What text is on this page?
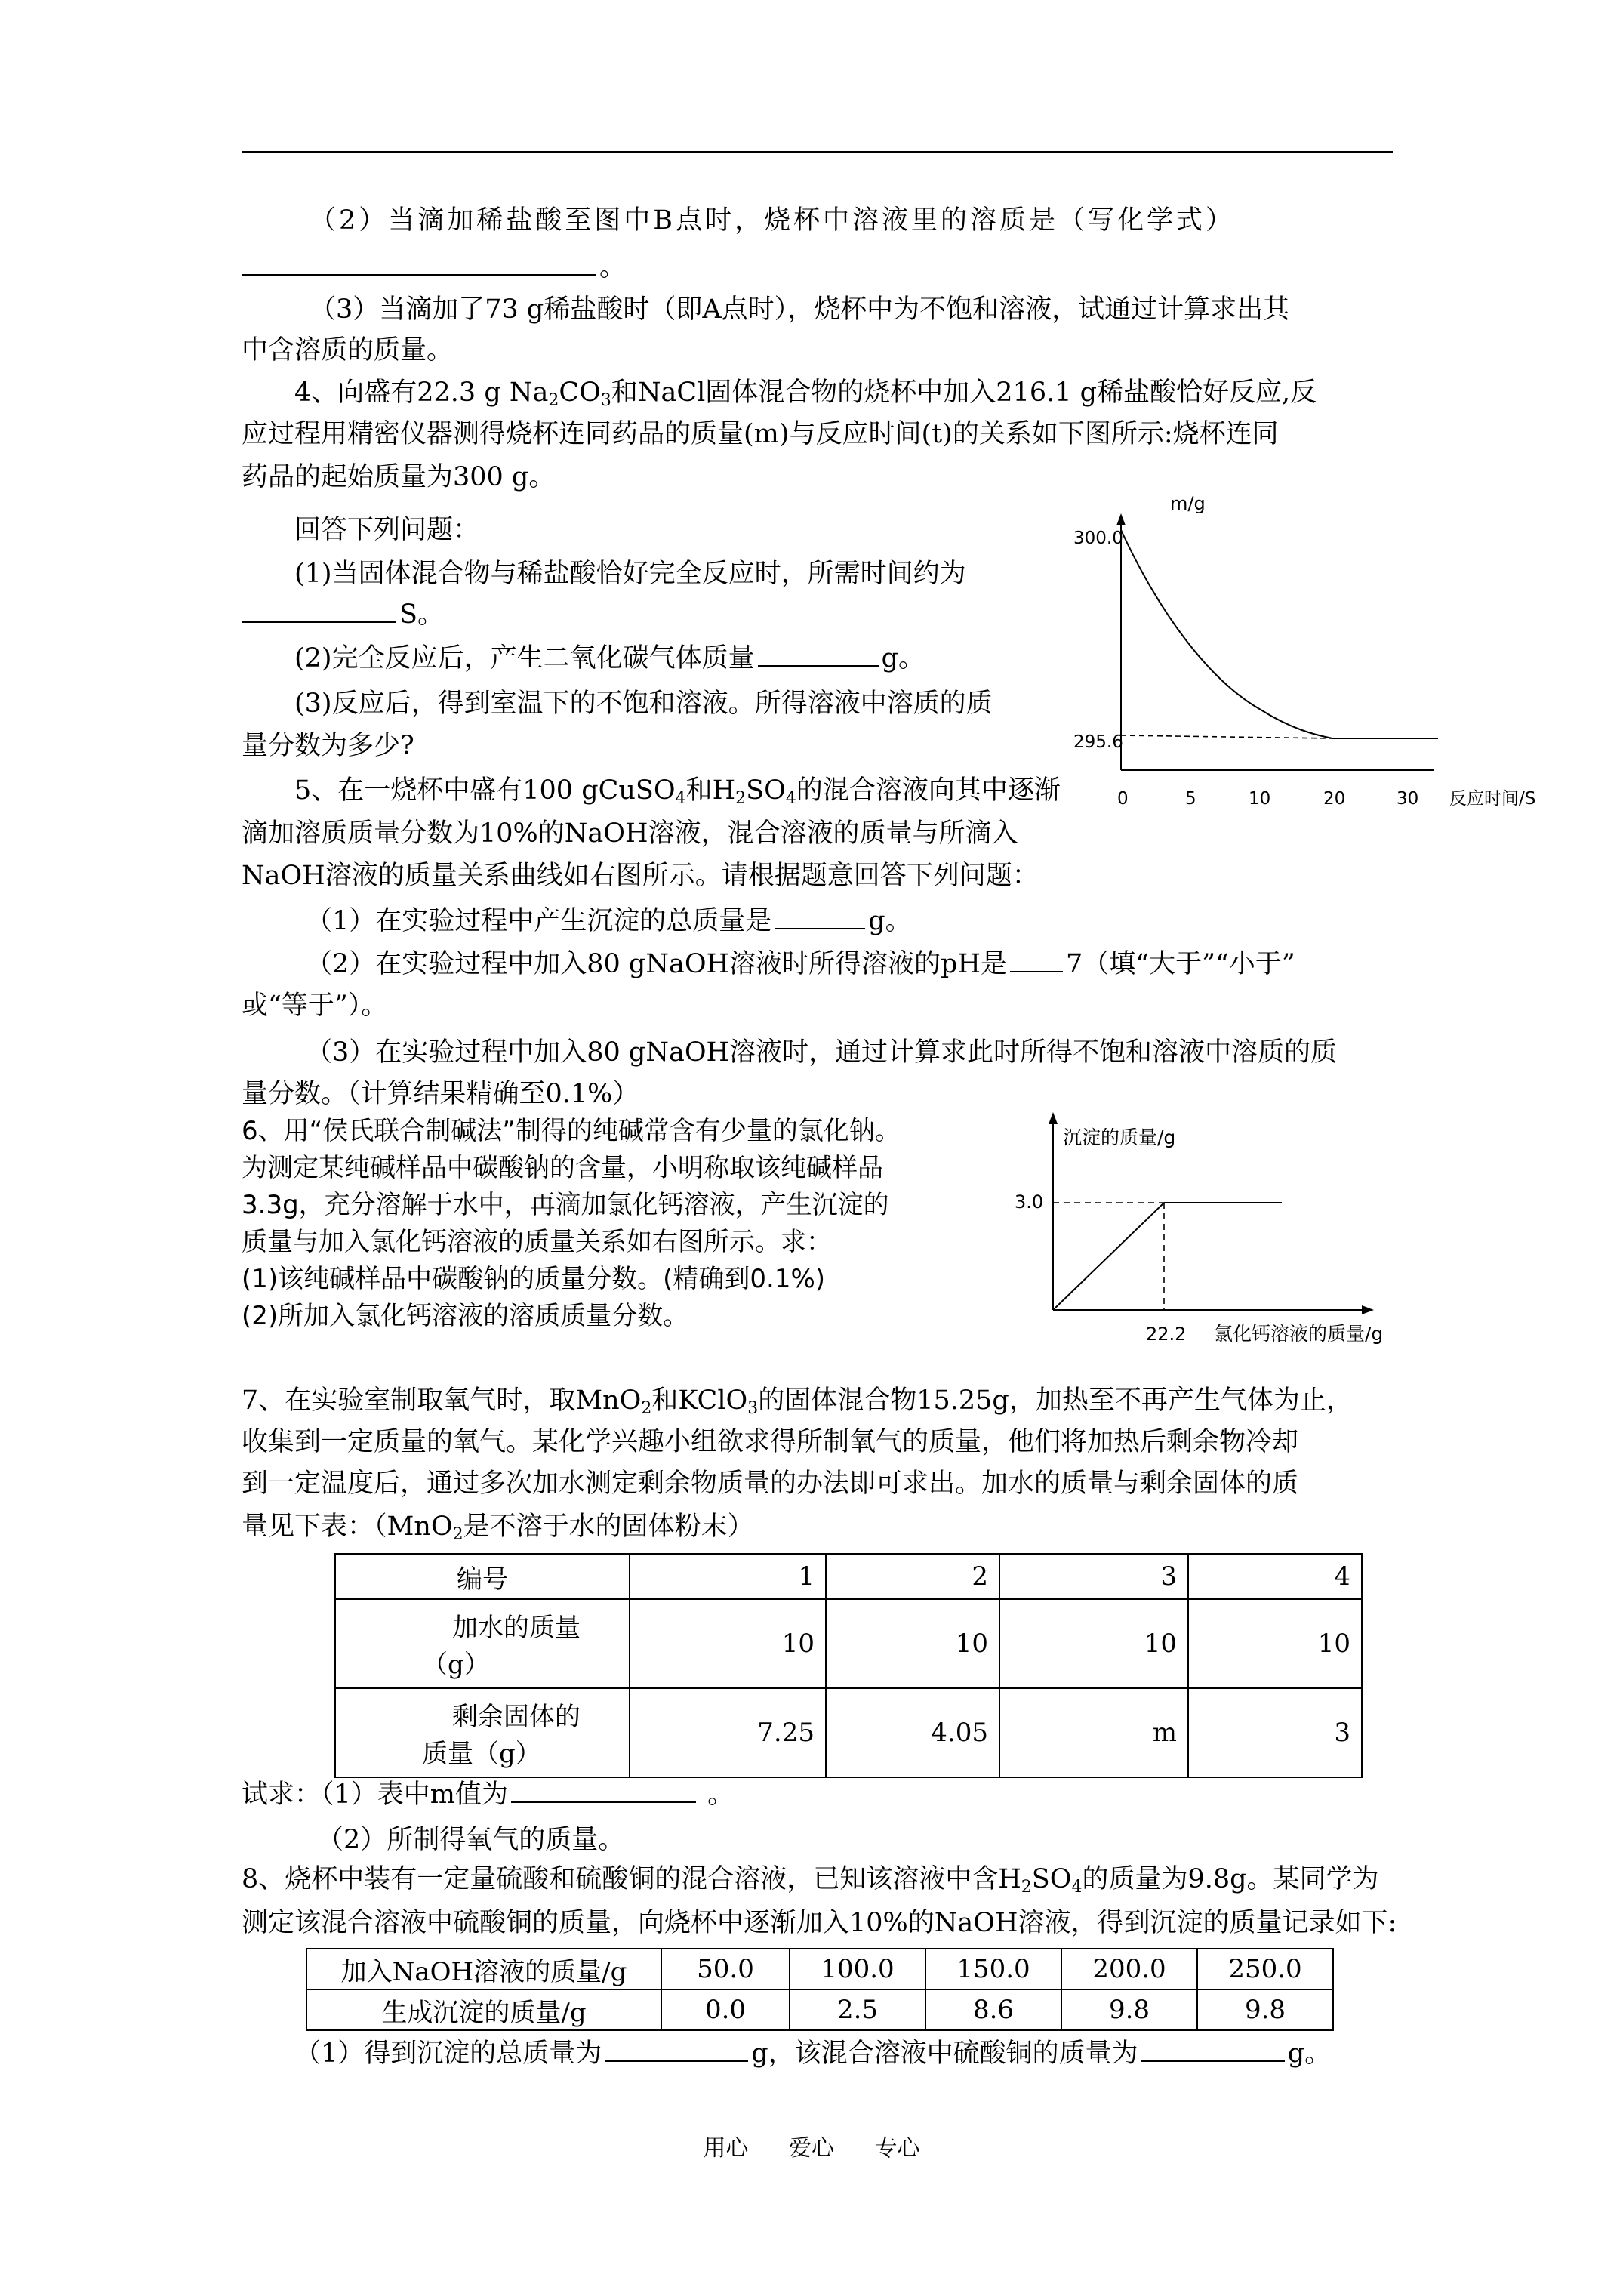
（2）当滴加稀盐酸至图中B点时，烧杯中溶液里的溶质是（写化学式）
。
（3）当滴加了73 g稀盐酸时（即A点时），烧杯中为不饱和溶液，试通过计算求出其
中含溶质的质量。
4、向盛有22.3 g $Na_2CO_3$和NaCl固体混合物的烧杯中加入216.1 g稀盐酸恰好反应,反
应过程用精密仪器测得烧杯连同药品的质量(m)与反应时间(t)的关系如下图所示:烧杯连同
药品的起始质量为300 g。
回答下列问题：
(1)当固体混合物与稀盐酸恰好完全反应时，所需时间约为
S。
(2)完全反应后，产生二氧化碳气体质量	g。
(3)反应后，得到室温下的不饱和溶液。所得溶液中溶质的质
量分数为多少?
m/g
300.0
295.6
0	5	10	20	30 反应时间/S
5、在一烧杯中盛有100 gCuSO$_4$和$H_2SO_4$的混合溶液向其中逐渐
滴加溶质质量分数为10%的NaOH溶液，混合溶液的质量与所滴入
NaOH溶液的质量关系曲线如右图所示。请根据题意回答下列问题：
（1）在实验过程中产生沉淀的总质量是	g。
（2）在实验过程中加入80 gNaOH溶液时所得溶液的pH是 7（填“大于”“小于”
或“等于”）。
（3）在实验过程中加入80 gNaOH溶液时，通过计算求此时所得不饱和溶液中溶质的质
量分数。（计算结果精确至0.1%）
6、用“侯氏联合制碱法”制得的纯碱常含有少量的氯化钠。
为测定某纯碱样品中碳酸钠的含量，小明称取该纯碱样品
3.3g，充分溶解于水中，再滴加氯化钙溶液，产生沉淀的
质量与加入氯化钙溶液的质量关系如右图所示。求：
(1)该纯碱样品中碳酸钠的质量分数。(精确到0.1%)
(2)所加入氯化钙溶液的溶质质量分数。
沉淀的质量/g
3.0
22.2 氯化钙溶液的质量/g
7、在实验室制取氧气时，取MnO$_2$和KClO$_3$的固体混合物15.25g，加热至不再产生气体为止，
收集到一定质量的氧气。某化学兴趣小组欲求得所制氧气的质量，他们将加热后剩余物冷却
到一定温度后，通过多次加水测定剩余物质量的办法即可求出。加水的质量与剩余固体的质
量见下表：（MnO$_2$是不溶于水的固体粉末）
编号	1	2	3	4

加水的质量
（g）	10	10	10	10

剩余固体的
质量（g）	7.25	4.05	m	3
试求：（1）表中m值为	。
（2）所制得氧气的质量。
8、烧杯中装有一定量硫酸和硫酸铜的混合溶液，已知该溶液中含$H_2SO_4$的质量为9.8g。某同学为
测定该混合溶液中硫酸铜的质量，向烧杯中逐渐加入10%的NaOH溶液，得到沉淀的质量记录如下:
加入NaOH溶液的质量/g	50.0	100.0	150.0	200.0	250.0
生成沉淀的质量/g	0.0	2.5	8.6	9.8	9.8
（1）得到沉淀的总质量为	g，该混合溶液中硫酸铜的质量为	g。
用心 爱心 专心
